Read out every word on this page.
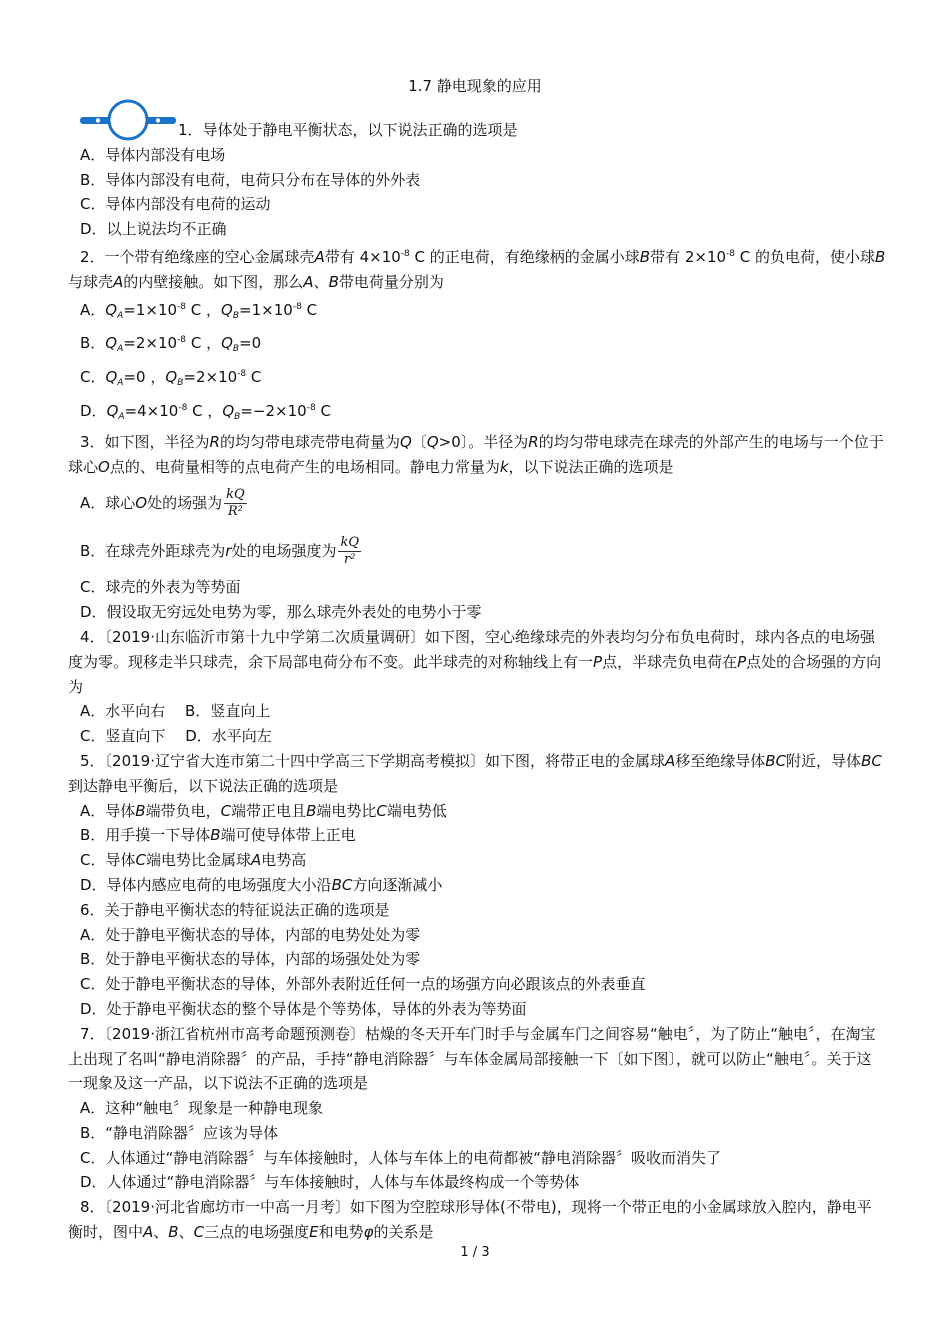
1.7 静电现象的应用
1．导体处于静电平衡状态，以下说法正确的选项是
A．导体内部没有电场
B．导体内部没有电荷，电荷只分布在导体的外外表
C．导体内部没有电荷的运动
D．以上说法均不正确
2．一个带有绝缘座的空心金属球壳A带有 $4\times 10^{-8}$ C 的正电荷，有绝缘柄的金属小球B带有 $2\times 10^{-8}$ C 的负电荷，使小球B与球壳A的内壁接触。如下图，那么A、B带电荷量分别为
A．$Q_A=1\times 10^{-8}$ C ，$Q_B=1\times 10^{-8}$ C
B．$Q_A=2\times 10^{-8}$ C ，$Q_B=0$
C．$Q_A=0$ ，$Q_B=2\times 10^{-8}$ C
D．$Q_A=4\times 10^{-8}$ C ，$Q_B=-2\times 10^{-8}$ C
3．如下图，半径为R的均匀带电球壳带电荷量为Q〔Q>0〕。半径为R的均匀带电球壳在球壳的外部产生的电场与一个位于球心O点的、电荷量相等的点电荷产生的电场相同。静电力常量为k，以下说法正确的选项是
A．球心O处的场强为 $\frac{kQ}{\text{R²}}$
B．在球壳外距球壳为r处的电场强度为 $\frac{kQ}{\text{r²}}$
C．球壳的外表为等势面
D．假设取无穷远处电势为零，那么球壳外表处的电势小于零
4．〔2019·山东临沂市第十九中学第二次质量调研〕如下图，空心绝缘球壳的外表均匀分布负电荷时，球内各点的电场强度为零。现移走半只球壳，余下局部电荷分布不变。此半球壳的对称轴线上有一P点，半球壳负电荷在P点处的合场强的方向为
A．水平向右　 B．竖直向上
C．竖直向下　 D．水平向左
5．〔2019·辽宁省大连市第二十四中学高三下学期高考模拟〕如下图，将带正电的金属球A移至绝缘导体BC附近，导体BC到达静电平衡后，以下说法正确的选项是
A．导体B端带负电，C端带正电且B端电势比C端电势低
B．用手摸一下导体B端可使导体带上正电
C．导体C端电势比金属球A电势高
D．导体内感应电荷的电场强度大小沿BC方向逐渐减小
6．关于静电平衡状态的特征说法正确的选项是
A．处于静电平衡状态的导体，内部的电势处处为零
B．处于静电平衡状态的导体，内部的场强处处为零
C．处于静电平衡状态的导体，外部外表附近任何一点的场强方向必跟该点的外表垂直
D．处于静电平衡状态的整个导体是个等势体，导体的外表为等势面
7．〔2019·浙江省杭州市高考命题预测卷〕枯燥的冬天开车门时手与金属车门之间容易“触电〞，为了防止“触电〞，在淘宝上出现了名叫“静电消除器〞的产品，手持“静电消除器〞与车体金属局部接触一下〔如下图〕，就可以防止“触电〞。关于这一现象及这一产品，以下说法不正确的选项是
A．这种“触电〞现象是一种静电现象
B．“静电消除器〞应该为导体
C．人体通过“静电消除器〞与车体接触时，人体与车体上的电荷都被“静电消除器〞吸收而消失了
D．人体通过“静电消除器〞与车体接触时，人体与车体最终构成一个等势体
8．〔2019·河北省廊坊市一中高一月考〕如下图为空腔球形导体(不带电)，现将一个带正电的小金属球放入腔内，静电平衡时，图中A、B、C三点的电场强度E和电势φ的关系是
1 / 3
